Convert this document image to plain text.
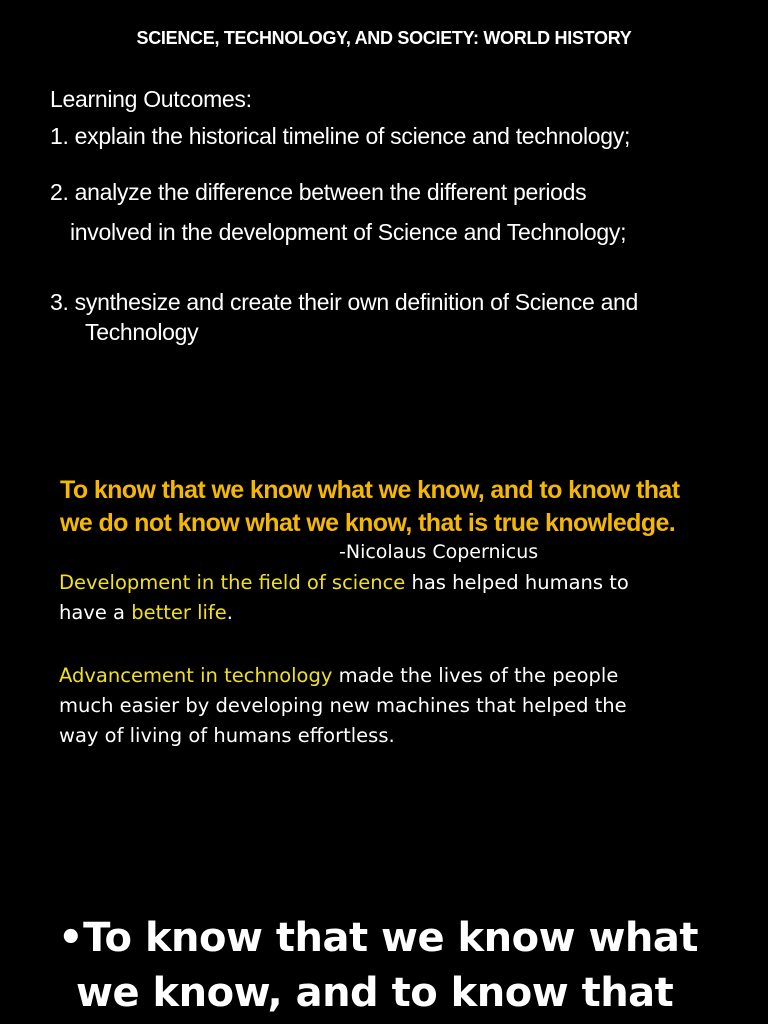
SCIENCE, TECHNOLOGY, AND SOCIETY: WORLD HISTORY
Learning Outcomes:
1. explain the historical timeline of science and technology;
2. analyze the difference between the different periods
involved in the development of Science and Technology;
3. synthesize and create their own definition of Science and
Technology
To know that we know what we know, and to know that
we do not know what we know, that is true knowledge.
-Nicolaus Copernicus
Development in the field of science has helped humans to
have a better life.
Advancement in technology made the lives of the people
much easier by developing new machines that helped the
way of living of humans effortless.
•To know that we know what
we know, and to know that
